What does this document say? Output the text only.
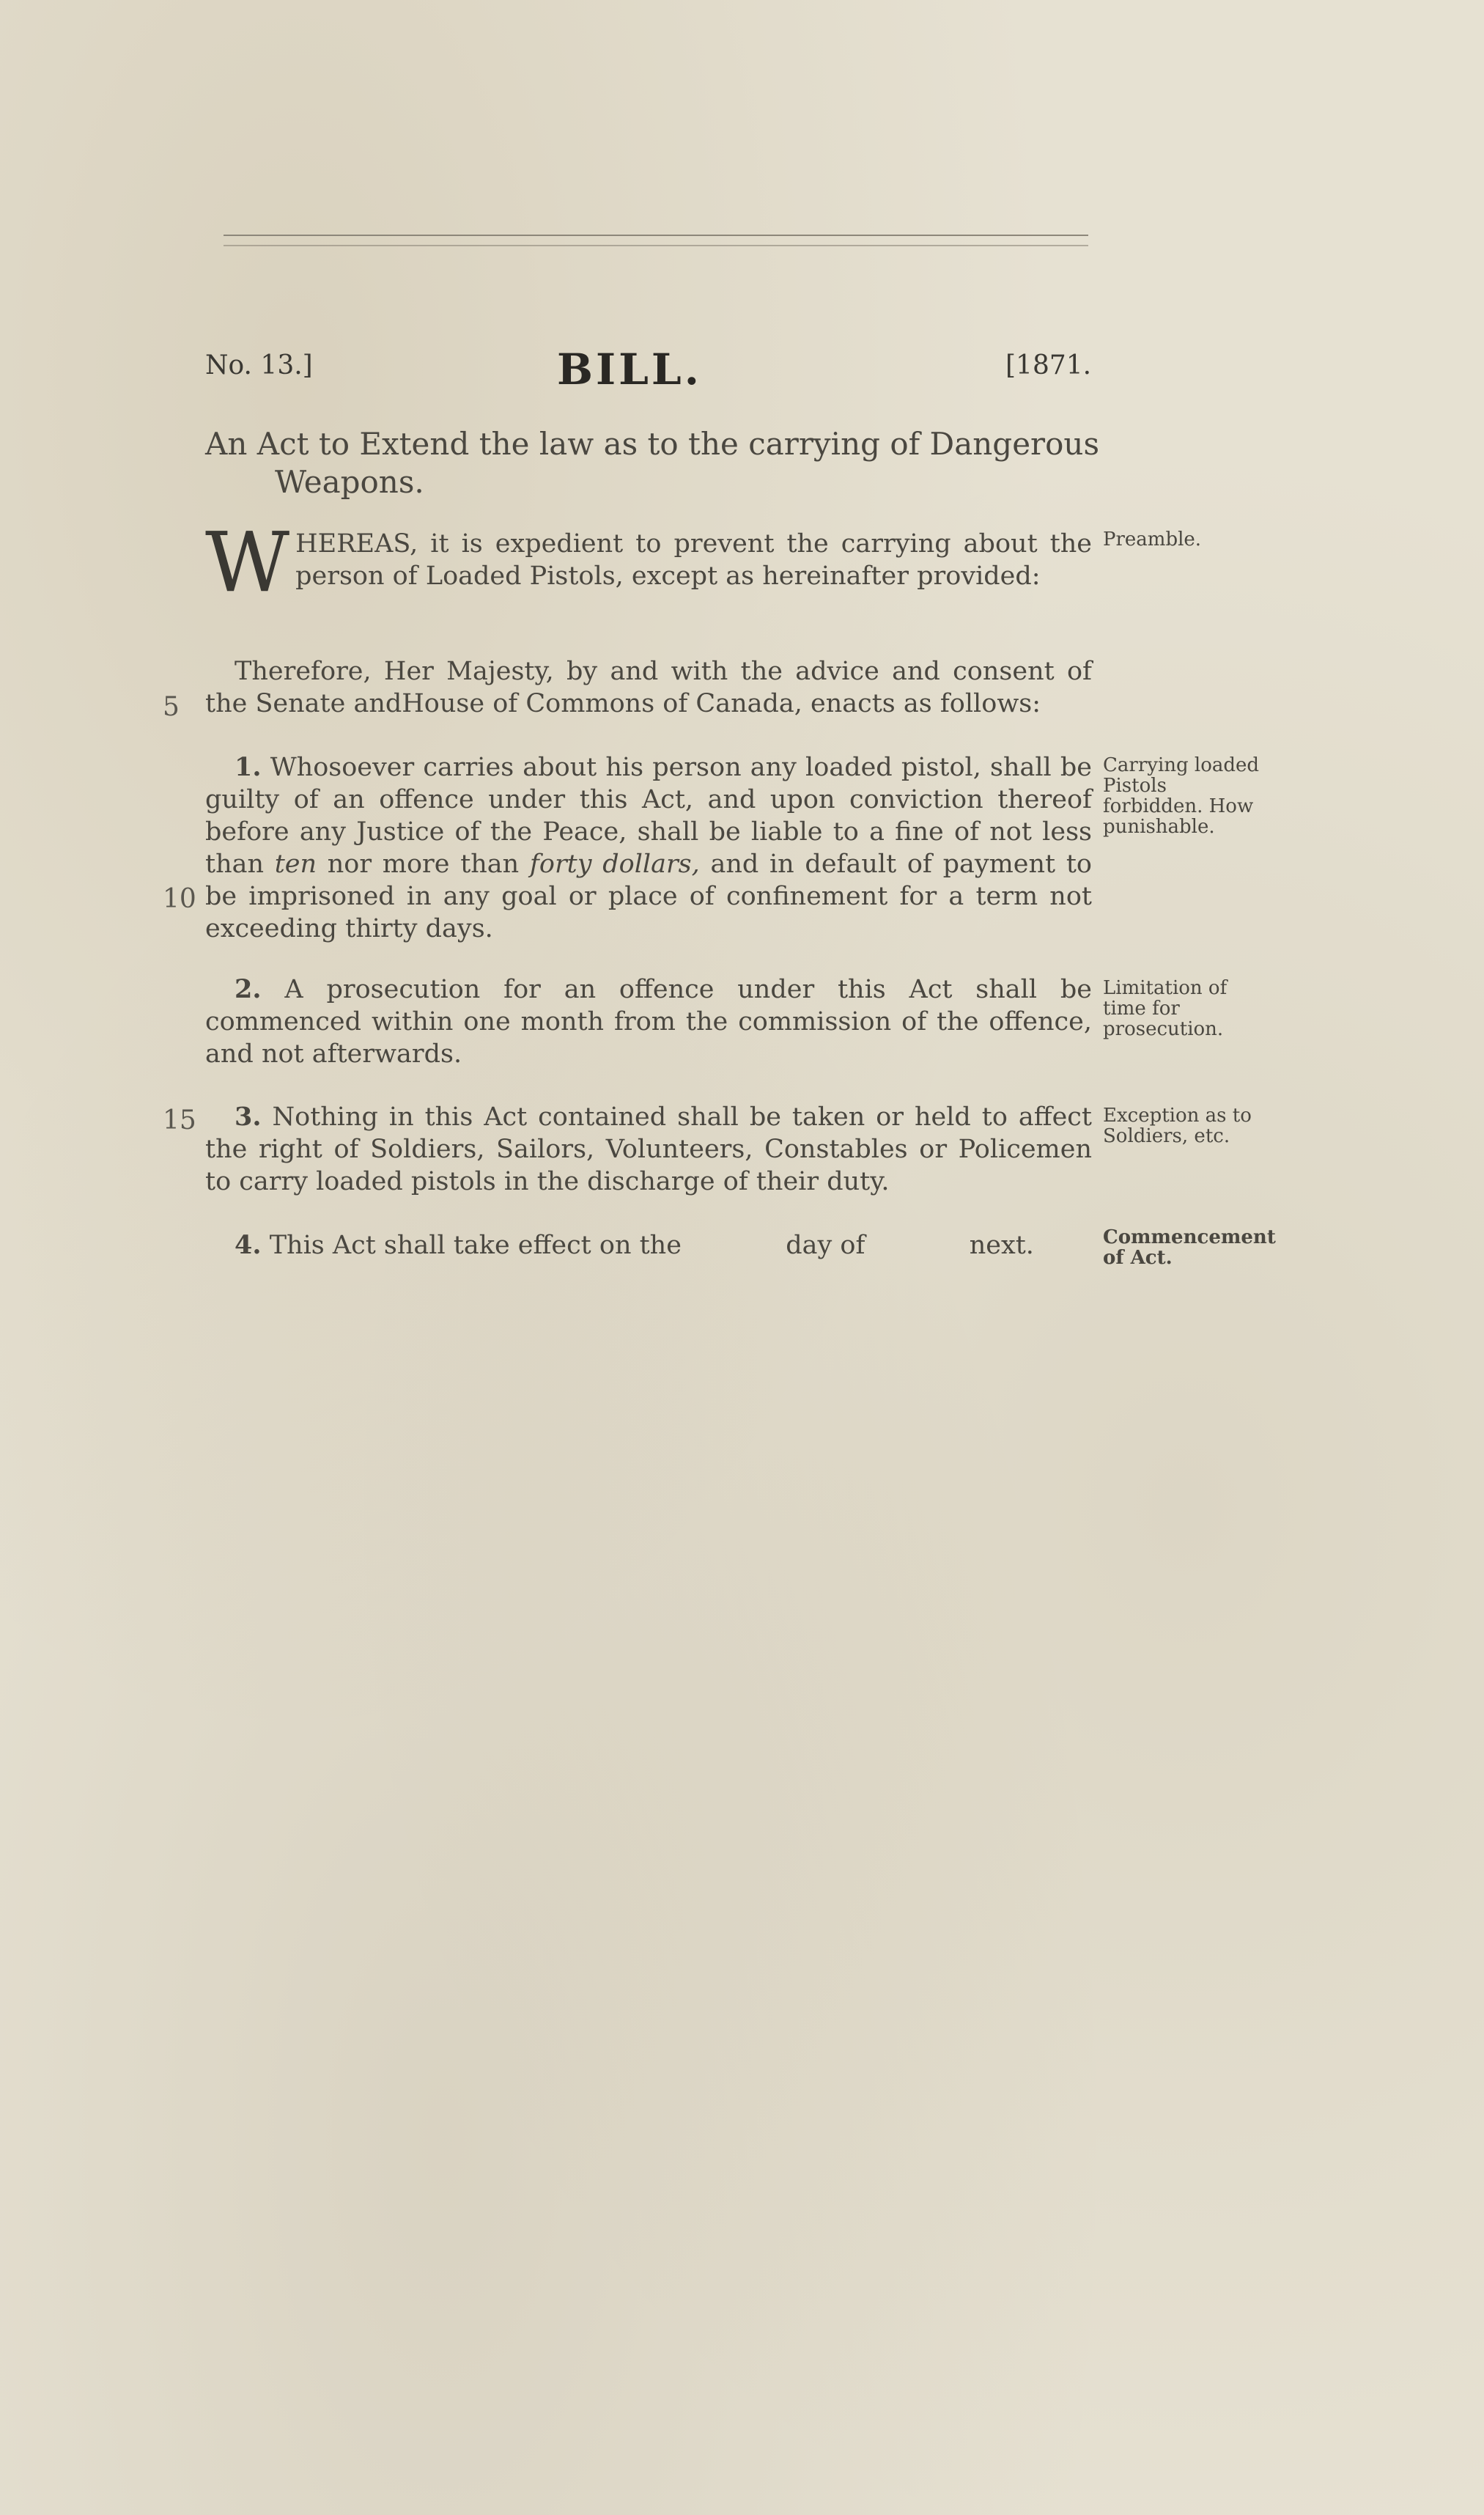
No. 13.]	BILL.	[1871.
An Act to Extend the law as to the carrying of Dangerous
Weapons.
W HEREAS, it is expedient to prevent the carrying about the person of Loaded Pistols, except as hereinafter provided:
Preamble.
Therefore, Her Majesty, by and with the advice and consent of the Senate andHouse of Commons of Canada, enacts as follows:
5
1. Whosoever carries about his person any loaded pistol, shall be guilty of an offence under this Act, and upon conviction thereof before any Justice of the Peace, shall be liable to a fine of not less than ten nor more than forty dollars, and in default of payment to be imprisoned in any goal or place of confinement for a term not exceeding thirty days.
Carrying loaded Pistols forbidden. How punishable.
10
2. A prosecution for an offence under this Act shall be commenced within one month from the commission of the offence, and not afterwards.
Limitation of time for prosecution.
3. Nothing in this Act contained shall be taken or held to affect the right of Soldiers, Sailors, Volunteers, Constables or Policemen to carry loaded pistols in the discharge of their duty.
15	Exception as to Soldiers, etc.
4. This Act shall take effect on the	day of	next.	Commencement of Act.
